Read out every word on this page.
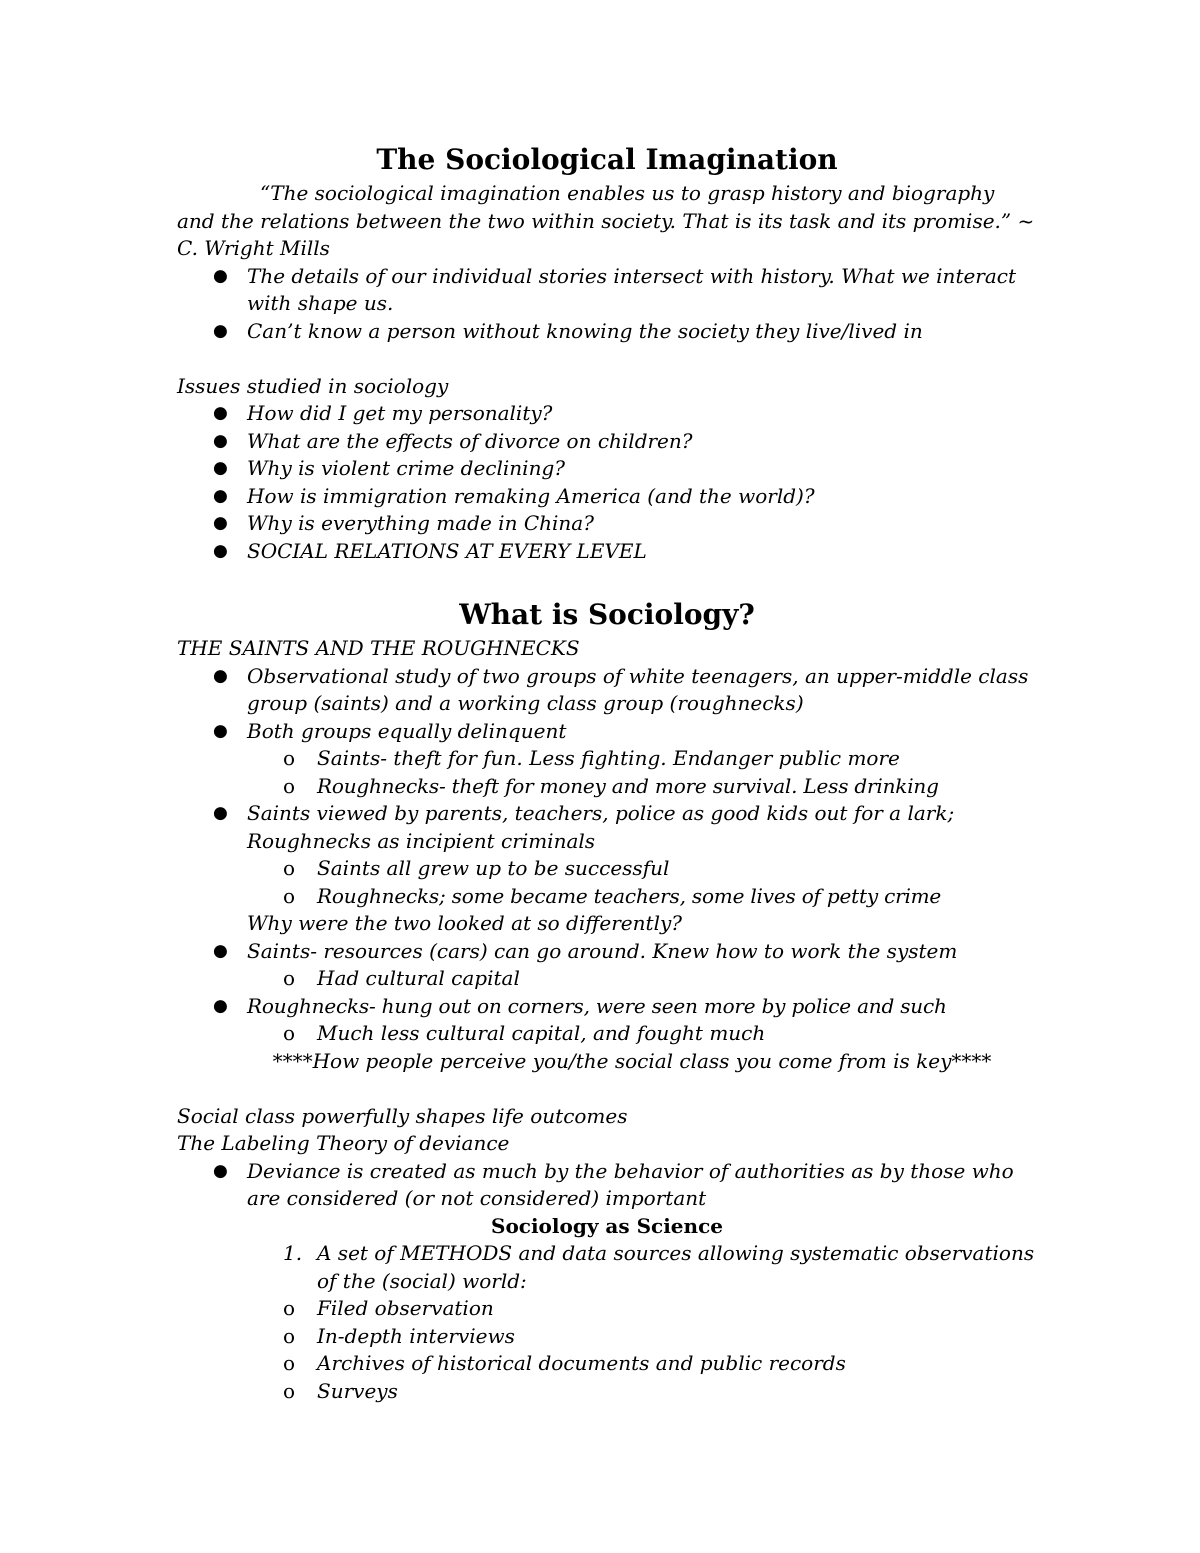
The Sociological Imagination

“The sociological imagination enables us to grasp history and biography and the relations between the two within society. That is its task and its promise.” ~ C. Wright Mills

● The details of our individual stories intersect with history. What we interact with shape us.
● Can’t know a person without knowing the society they live/lived in

Issues studied in sociology

● How did I get my personality?
● What are the effects of divorce on children?
● Why is violent crime declining?
● How is immigration remaking America (and the world)?
● Why is everything made in China?
● SOCIAL RELATIONS AT EVERY LEVEL
What is Sociology?

THE SAINTS AND THE ROUGHNECKS

● Observational study of two groups of white teenagers, an upper-middle class group (saints) and a working class group (roughnecks)
● Both groups equally delinquent
o Saints- theft for fun. Less fighting. Endanger public more
o Roughnecks- theft for money and more survival. Less drinking
● Saints viewed by parents, teachers, police as good kids out for a lark; Roughnecks as incipient criminals
o Saints all grew up to be successful
o Roughnecks; some became teachers, some lives of petty crime

Why were the two looked at so differently?

● Saints- resources (cars) can go around. Knew how to work the system
o Had cultural capital
● Roughnecks- hung out on corners, were seen more by police and such
o Much less cultural capital, and fought much

****How people perceive you/the social class you come from is key****

Social class powerfully shapes life outcomes

The Labeling Theory of deviance

● Deviance is created as much by the behavior of authorities as by those who are considered (or not considered) important
Sociology as Science
1. A set of METHODS and data sources allowing systematic observations of the (social) world:
o Filed observation
o In-depth interviews
o Archives of historical documents and public records
o Surveys
